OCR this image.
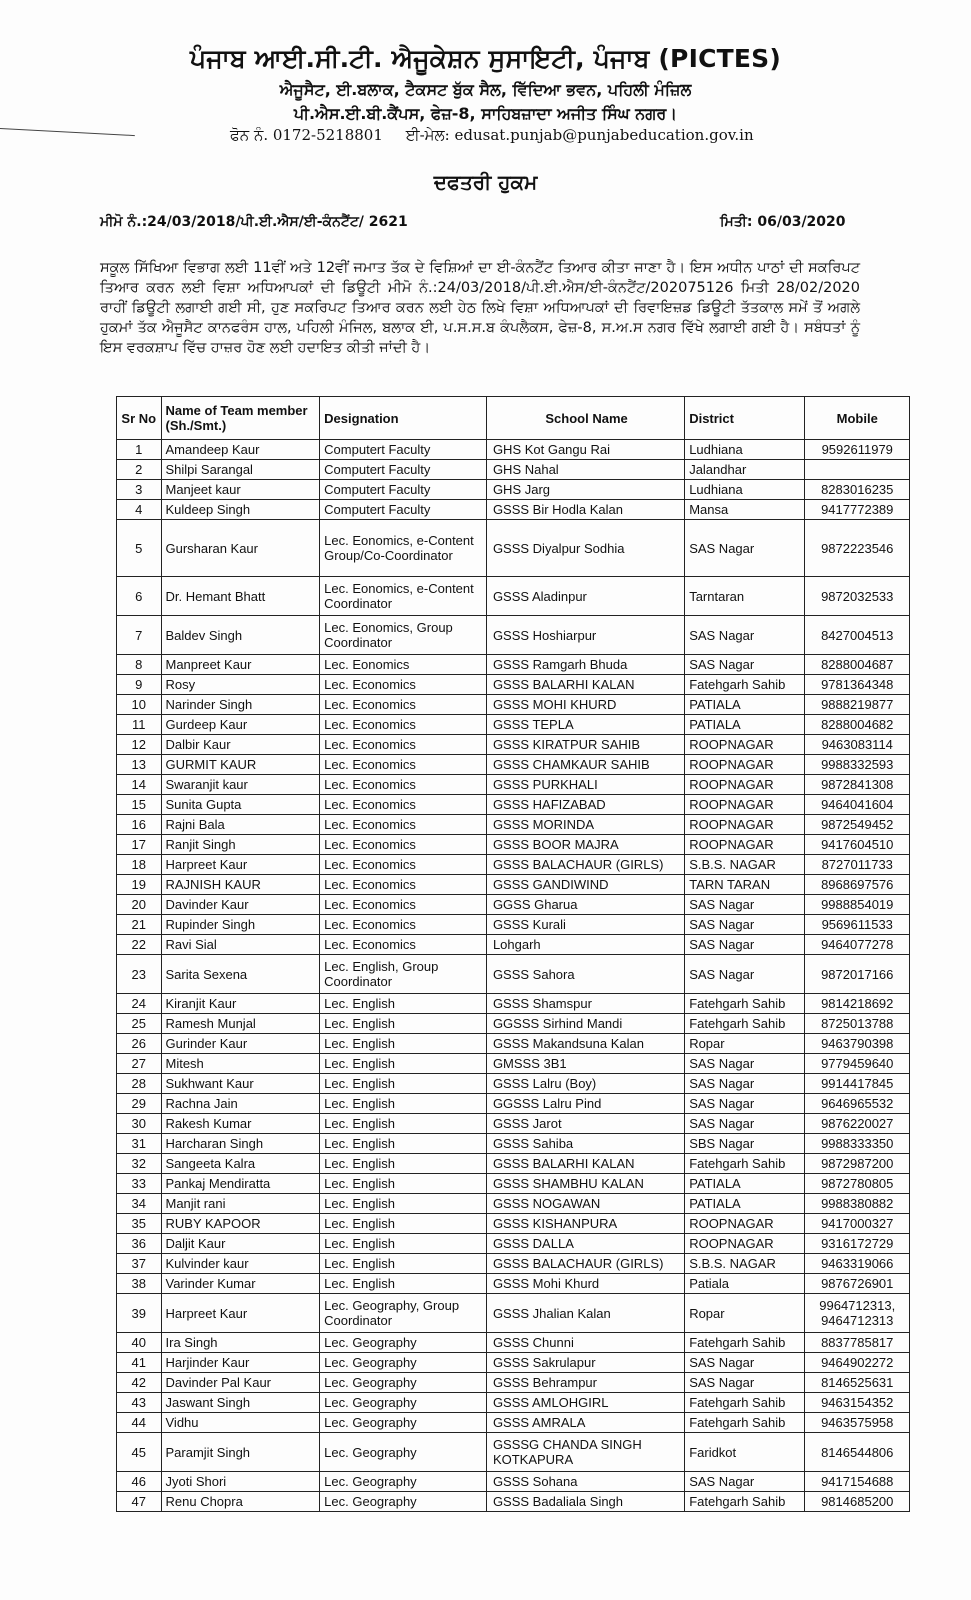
ਪੰਜਾਬ ਆਈ.ਸੀ.ਟੀ. ਐਜੂਕੇਸ਼ਨ ਸੁਸਾਇਟੀ, ਪੰਜਾਬ (PICTES)
ਐਜੂਸੈਟ, ਈ.ਬਲਾਕ, ਟੈਕਸਟ ਬੁੱਕ ਸੈਲ, ਵਿੱਦਿਆ ਭਵਨ, ਪਹਿਲੀ ਮੰਜ਼ਿਲ
ਪੀ.ਐਸ.ਈ.ਬੀ.ਕੈਂਪਸ, ਫੇਜ਼-8, ਸਾਹਿਬਜ਼ਾਦਾ ਅਜੀਤ ਸਿੰਘ ਨਗਰ।
ਫੋਨ ਨੰ. 0172-5218801 ਈ-ਮੇਲ: edusat.punjab@punjabeducation.gov.in
ਦਫਤਰੀ ਹੁਕਮ
ਮੀਮੋ ਨੰ.:24/03/2018/ਪੀ.ਈ.ਐਸ/ਈ-ਕੰਨਟੈਂਟ/ 2621	ਮਿਤੀ: 06/03/2020
ਸਕੂਲ ਸਿੱਖਿਆ ਵਿਭਾਗ ਲਈ 11ਵੀਂ ਅਤੇ 12ਵੀਂ ਜਮਾਤ ਤੱਕ ਦੇ ਵਿਸ਼ਿਆਂ ਦਾ ਈ-ਕੰਨਟੈਂਟ ਤਿਆਰ ਕੀਤਾ ਜਾਣਾ ਹੈ। ਇਸ ਅਧੀਨ ਪਾਠਾਂ ਦੀ ਸਕਰਿਪਟ ਤਿਆਰ ਕਰਨ ਲਈ ਵਿਸ਼ਾ ਅਧਿਆਪਕਾਂ ਦੀ ਡਿਊਟੀ ਮੀਮੋ ਨੰ.:24/03/2018/ਪੀ.ਈ.ਐਸ/ਈ-ਕੰਨਟੈਂਟ/202075126 ਮਿਤੀ 28/02/2020 ਰਾਹੀਂ ਡਿਊਟੀ ਲਗਾਈ ਗਈ ਸੀ, ਹੁਣ ਸਕਰਿਪਟ ਤਿਆਰ ਕਰਨ ਲਈ ਹੇਠ ਲਿਖੇ ਵਿਸ਼ਾ ਅਧਿਆਪਕਾਂ ਦੀ ਰਿਵਾਇਜ਼ਡ ਡਿਊਟੀ ਤੱਤਕਾਲ ਸਮੇਂ ਤੋਂ ਅਗਲੇ ਹੁਕਮਾਂ ਤੱਕ ਐਜੂਸੈਟ ਕਾਨਫਰੰਸ ਹਾਲ, ਪਹਿਲੀ ਮੰਜਿਲ, ਬਲਾਕ ਈ, ਪ.ਸ.ਸ.ਬ ਕੰਪਲੈਕਸ, ਫੇਜ਼-8, ਸ.ਅ.ਸ ਨਗਰ ਵਿੱਖੇ ਲਗਾਈ ਗਈ ਹੈ। ਸਬੰਧਤਾਂ ਨੂੰ ਇਸ ਵਰਕਸ਼ਾਪ ਵਿੱਚ ਹਾਜ਼ਰ ਹੋਣ ਲਈ ਹਦਾਇਤ ਕੀਤੀ ਜਾਂਦੀ ਹੈ।
Sr No	Name of Team member (Sh./Smt.)	Designation	School Name	District	Mobile
1	Amandeep Kaur	Computert Faculty	GHS Kot Gangu Rai	Ludhiana	9592611979
2	Shilpi Sarangal	Computert Faculty	GHS Nahal	Jalandhar	
3	Manjeet kaur	Computert Faculty	GHS Jarg	Ludhiana	8283016235
4	Kuldeep Singh	Computert Faculty	GSSS Bir Hodla Kalan	Mansa	9417772389
5	Gursharan Kaur	Lec. Eonomics, e-Content Group/Co-Coordinator	GSSS Diyalpur Sodhia	SAS Nagar	9872223546
6	Dr. Hemant Bhatt	Lec. Eonomics, e-Content Coordinator	GSSS Aladinpur	Tarntaran	9872032533
7	Baldev Singh	Lec. Eonomics, Group Coordinator	GSSS Hoshiarpur	SAS Nagar	8427004513
8	Manpreet Kaur	Lec. Eonomics	GSSS Ramgarh Bhuda	SAS Nagar	8288004687
9	Rosy	Lec. Economics	GSSS BALARHI KALAN	Fatehgarh Sahib	9781364348
10	Narinder Singh	Lec. Economics	GSSS MOHI KHURD	PATIALA	9888219877
11	Gurdeep Kaur	Lec. Economics	GSSS TEPLA	PATIALA	8288004682
12	Dalbir Kaur	Lec. Economics	GSSS KIRATPUR SAHIB	ROOPNAGAR	9463083114
13	GURMIT KAUR	Lec. Economics	GSSS CHAMKAUR SAHIB	ROOPNAGAR	9988332593
14	Swaranjit kaur	Lec. Economics	GSSS PURKHALI	ROOPNAGAR	9872841308
15	Sunita Gupta	Lec. Economics	GSSS HAFIZABAD	ROOPNAGAR	9464041604
16	Rajni Bala	Lec. Economics	GSSS MORINDA	ROOPNAGAR	9872549452
17	Ranjit Singh	Lec. Economics	GSSS BOOR MAJRA	ROOPNAGAR	9417604510
18	Harpreet Kaur	Lec. Economics	GSSS BALACHAUR (GIRLS)	S.B.S. NAGAR	8727011733
19	RAJNISH KAUR	Lec. Economics	GSSS GANDIWIND	TARN TARAN	8968697576
20	Davinder Kaur	Lec. Economics	GGSS Gharua	SAS Nagar	9988854019
21	Rupinder Singh	Lec. Economics	GSSS Kurali	SAS Nagar	9569611533
22	Ravi Sial	Lec. Economics	Lohgarh	SAS Nagar	9464077278
23	Sarita Sexena	Lec. English, Group Coordinator	GSSS Sahora	SAS Nagar	9872017166
24	Kiranjit Kaur	Lec. English	GSSS Shamspur	Fatehgarh Sahib	9814218692
25	Ramesh Munjal	Lec. English	GGSSS Sirhind Mandi	Fatehgarh Sahib	8725013788
26	Gurinder Kaur	Lec. English	GSSS Makandsuna Kalan	Ropar	9463790398
27	Mitesh	Lec. English	GMSSS 3B1	SAS Nagar	9779459640
28	Sukhwant Kaur	Lec. English	GSSS Lalru (Boy)	SAS Nagar	9914417845
29	Rachna Jain	Lec. English	GGSSS Lalru Pind	SAS Nagar	9646965532
30	Rakesh Kumar	Lec. English	GSSS Jarot	SAS Nagar	9876220027
31	Harcharan Singh	Lec. English	GSSS Sahiba	SBS Nagar	9988333350
32	Sangeeta Kalra	Lec. English	GSSS BALARHI KALAN	Fatehgarh Sahib	9872987200
33	Pankaj Mendiratta	Lec. English	GSSS SHAMBHU KALAN	PATIALA	9872780805
34	Manjit rani	Lec. English	GSSS NOGAWAN	PATIALA	9988380882
35	RUBY KAPOOR	Lec. English	GSSS KISHANPURA	ROOPNAGAR	9417000327
36	Daljit Kaur	Lec. English	GSSS DALLA	ROOPNAGAR	9316172729
37	Kulvinder kaur	Lec. English	GSSS BALACHAUR (GIRLS)	S.B.S. NAGAR	9463319066
38	Varinder Kumar	Lec. English	GSSS Mohi Khurd	Patiala	9876726901
39	Harpreet Kaur	Lec. Geography, Group Coordinator	GSSS Jhalian Kalan	Ropar	9964712313, 9464712313
40	Ira Singh	Lec. Geography	GSSS Chunni	Fatehgarh Sahib	8837785817
41	Harjinder Kaur	Lec. Geography	GSSS Sakrulapur	SAS Nagar	9464902272
42	Davinder Pal Kaur	Lec. Geography	GSSS Behrampur	SAS Nagar	8146525631
43	Jaswant Singh	Lec. Geography	GSSS AMLOHGIRL	Fatehgarh Sahib	9463154352
44	Vidhu	Lec. Geography	GSSS AMRALA	Fatehgarh Sahib	9463575958
45	Paramjit Singh	Lec. Geography	GSSSG CHANDA SINGH KOTKAPURA	Faridkot	8146544806
46	Jyoti Shori	Lec. Geography	GSSS Sohana	SAS Nagar	9417154688
47	Renu Chopra	Lec. Geography	GSSS Badaliala Singh	Fatehgarh Sahib	9814685200
